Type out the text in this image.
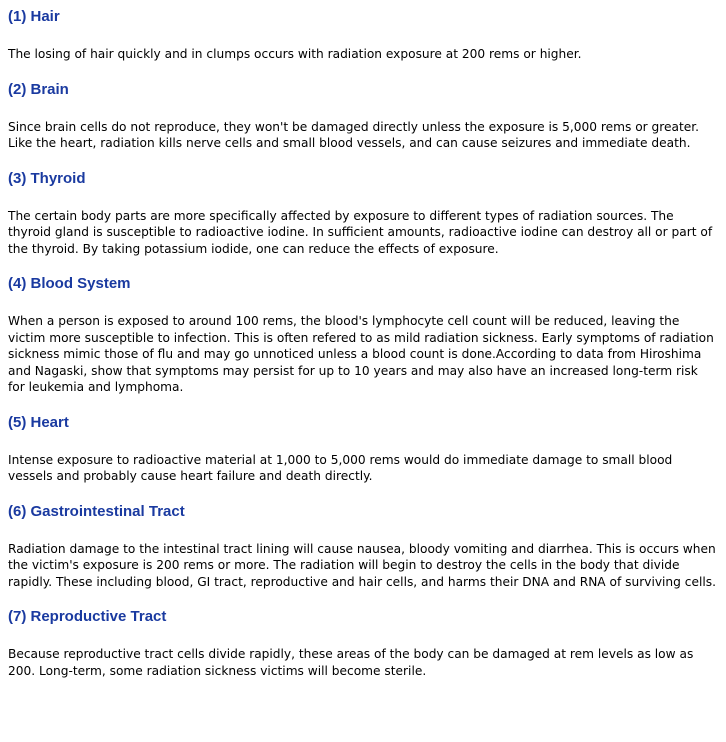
(1) Hair

The losing of hair quickly and in clumps occurs with radiation exposure at 200 rems or higher.

(2) Brain

Since brain cells do not reproduce, they won't be damaged directly unless the exposure is 5,000 rems or greater. Like the heart, radiation kills nerve cells and small blood vessels, and can cause seizures and immediate death.

(3) Thyroid

The certain body parts are more specifically affected by exposure to different types of radiation sources. The thyroid gland is susceptible to radioactive iodine. In sufficient amounts, radioactive iodine can destroy all or part of the thyroid. By taking potassium iodide, one can reduce the effects of exposure.

(4) Blood System

When a person is exposed to around 100 rems, the blood's lymphocyte cell count will be reduced, leaving the victim more susceptible to infection. This is often refered to as mild radiation sickness. Early symptoms of radiation sickness mimic those of flu and may go unnoticed unless a blood count is done.According to data from Hiroshima and Nagaski, show that symptoms may persist for up to 10 years and may also have an increased long-term risk for leukemia and lymphoma.

(5) Heart

Intense exposure to radioactive material at 1,000 to 5,000 rems would do immediate damage to small blood vessels and probably cause heart failure and death directly.

(6) Gastrointestinal Tract

Radiation damage to the intestinal tract lining will cause nausea, bloody vomiting and diarrhea. This is occurs when the victim's exposure is 200 rems or more. The radiation will begin to destroy the cells in the body that divide rapidly. These including blood, GI tract, reproductive and hair cells, and harms their DNA and RNA of surviving cells.

(7) Reproductive Tract

Because reproductive tract cells divide rapidly, these areas of the body can be damaged at rem levels as low as 200. Long-term, some radiation sickness victims will become sterile.
